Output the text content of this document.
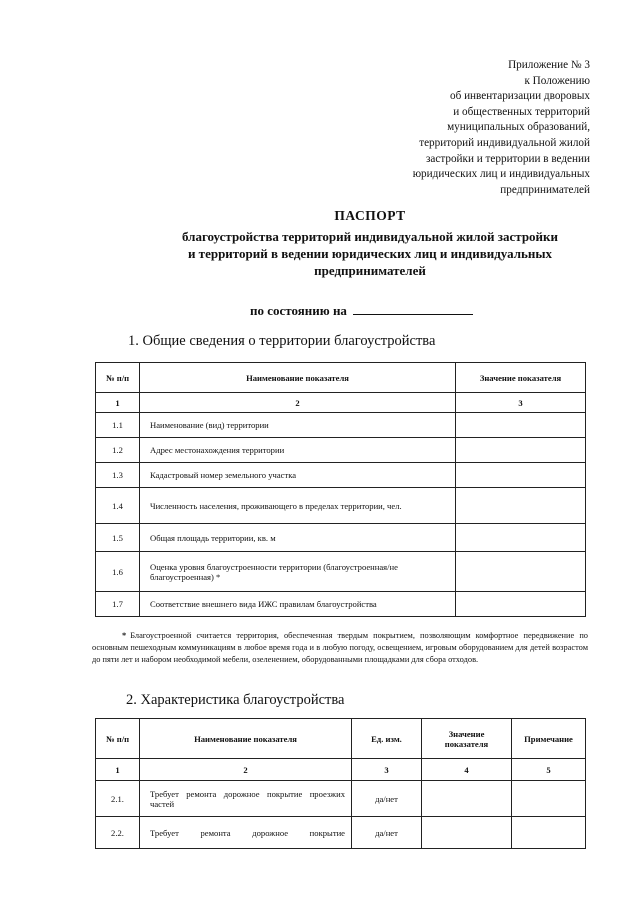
Приложение № 3
к Положению
об инвентаризации дворовых
и общественных территорий
муниципальных образований,
территорий индивидуальной жилой
застройки и территории в ведении
юридических лиц и индивидуальных
предпринимателей
ПАСПОРТ
благоустройства территорий индивидуальной жилой застройки
и территорий в ведении юридических лиц и индивидуальных
предпринимателей
по состоянию на
1. Общие сведения о территории благоустройства
№ п/п	Наименование показателя	Значение показателя
1	2	3
1.1	Наименование (вид) территории	
1.2	Адрес местонахождения территории	
1.3	Кадастровый номер земельного участка	
1.4	Численность населения, проживающего в пределах территории, чел.	
1.5	Общая площадь территории, кв. м	
1.6	Оценка уровня благоустроенности территории (благоустроенная/не благоустроенная) *	
1.7	Соответствие внешнего вида ИЖС правилам благоустройства	
* Благоустроенной считается территория, обеспеченная твердым покрытием, позволяющим комфортное передвижение по основным пешеходным коммуникациям в любое время года и в любую погоду, освещением, игровым оборудованием для детей возрастом до пяти лет и набором необходимой мебели, озеленением, оборудованными площадками для сбора отходов.
2. Характеристика благоустройства
№ п/п	Наименование показателя	Ед. изм.	Значение показателя	Примечание
1	2	3	4	5
2.1.	Требует ремонта дорожное покрытие проезжих частей	да/нет		
2.2.	Требует ремонта дорожное покрытие	да/нет		
